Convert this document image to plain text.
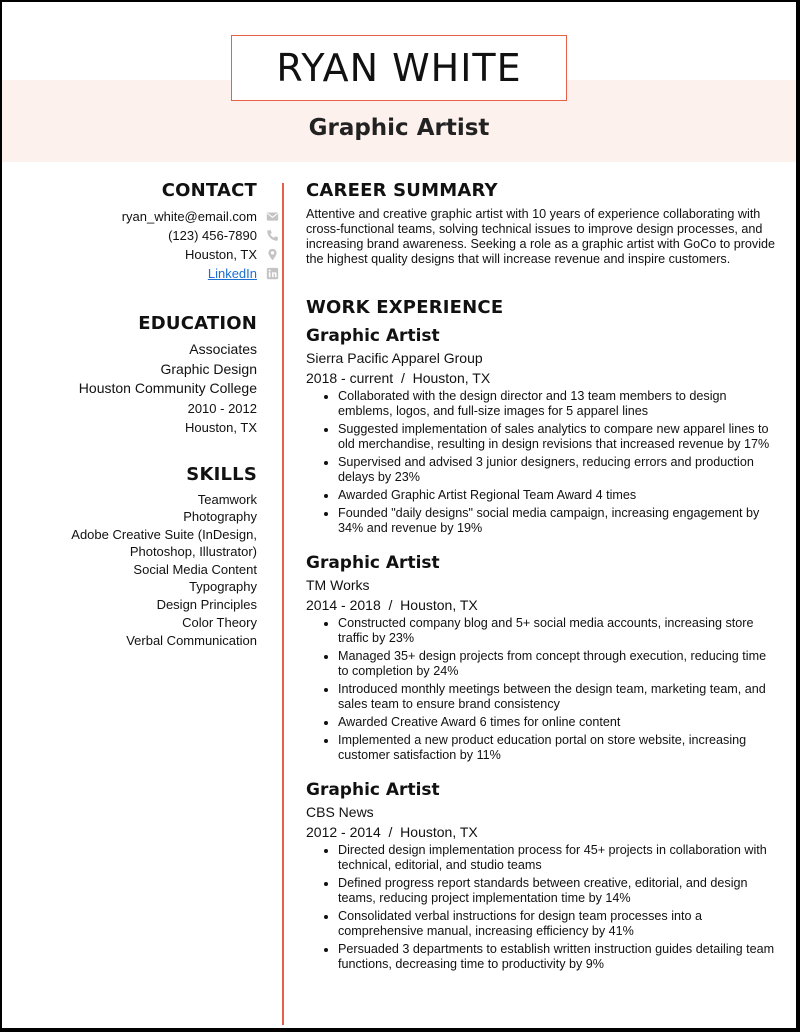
RYAN WHITE
Graphic Artist
CONTACT
ryan_white@email.com
(123) 456-7890
Houston, TX
LinkedIn
EDUCATION
Associates
Graphic Design
Houston Community College
2010 - 2012
Houston, TX
SKILLS
Teamwork
Photography
Adobe Creative Suite (InDesign,
Photoshop, Illustrator)
Social Media Content
Typography
Design Principles
Color Theory
Verbal Communication
CAREER SUMMARY

Attentive and creative graphic artist with 10 years of experience collaborating with cross-functional teams, solving technical issues to improve design processes, and increasing brand awareness. Seeking a role as a graphic artist with GoCo to provide the highest quality designs that will increase revenue and inspire customers.

WORK EXPERIENCE
Graphic Artist
Sierra Pacific Apparel Group
2018 - current  /  Houston, TX
• Collaborated with the design director and 13 team members to design emblems, logos, and full-size images for 5 apparel lines
• Suggested implementation of sales analytics to compare new apparel lines to old merchandise, resulting in design revisions that increased revenue by 17%
• Supervised and advised 3 junior designers, reducing errors and production delays by 23%
• Awarded Graphic Artist Regional Team Award 4 times
• Founded "daily designs" social media campaign, increasing engagement by 34% and revenue by 19%
Graphic Artist
TM Works
2014 - 2018  /  Houston, TX
• Constructed company blog and 5+ social media accounts, increasing store traffic by 23%
• Managed 35+ design projects from concept through execution, reducing time to completion by 24%
• Introduced monthly meetings between the design team, marketing team, and sales team to ensure brand consistency
• Awarded Creative Award 6 times for online content
• Implemented a new product education portal on store website, increasing customer satisfaction by 11%
Graphic Artist
CBS News
2012 - 2014  /  Houston, TX
• Directed design implementation process for 45+ projects in collaboration with technical, editorial, and studio teams
• Defined progress report standards between creative, editorial, and design teams, reducing project implementation time by 14%
• Consolidated verbal instructions for design team processes into a comprehensive manual, increasing efficiency by 41%
• Persuaded 3 departments to establish written instruction guides detailing team functions, decreasing time to productivity by 9%
